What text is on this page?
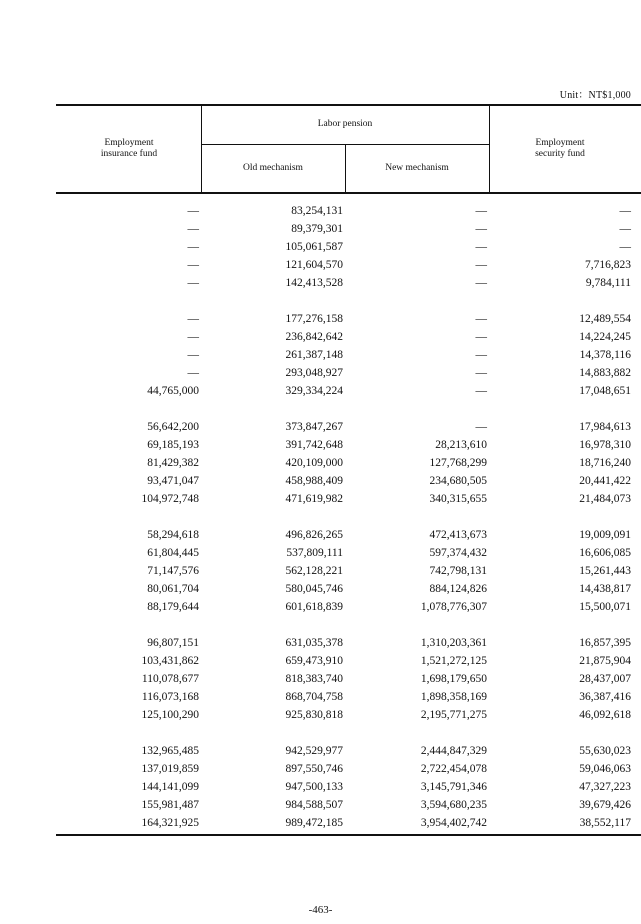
Unit：NT$1,000
Employment insurance fund
Labor pension
Old mechanism	New mechanism
Employment security fund
—	83,254,131	—	—
—	89,379,301	—	—
—	105,061,587	—	—
—	121,604,570	—	7,716,823
—	142,413,528	—	9,784,111
—	177,276,158	—	12,489,554
—	236,842,642	—	14,224,245
—	261,387,148	—	14,378,116
—	293,048,927	—	14,883,882
44,765,000	329,334,224	—	17,048,651
56,642,200	373,847,267	—	17,984,613
69,185,193	391,742,648	28,213,610	16,978,310
81,429,382	420,109,000	127,768,299	18,716,240
93,471,047	458,988,409	234,680,505	20,441,422
104,972,748	471,619,982	340,315,655	21,484,073
58,294,618	496,826,265	472,413,673	19,009,091
61,804,445	537,809,111	597,374,432	16,606,085
71,147,576	562,128,221	742,798,131	15,261,443
80,061,704	580,045,746	884,124,826	14,438,817
88,179,644	601,618,839	1,078,776,307	15,500,071
96,807,151	631,035,378	1,310,203,361	16,857,395
103,431,862	659,473,910	1,521,272,125	21,875,904
110,078,677	818,383,740	1,698,179,650	28,437,007
116,073,168	868,704,758	1,898,358,169	36,387,416
125,100,290	925,830,818	2,195,771,275	46,092,618
132,965,485	942,529,977	2,444,847,329	55,630,023
137,019,859	897,550,746	2,722,454,078	59,046,063
144,141,099	947,500,133	3,145,791,346	47,327,223
155,981,487	984,588,507	3,594,680,235	39,679,426
164,321,925	989,472,185	3,954,402,742	38,552,117
-463-
